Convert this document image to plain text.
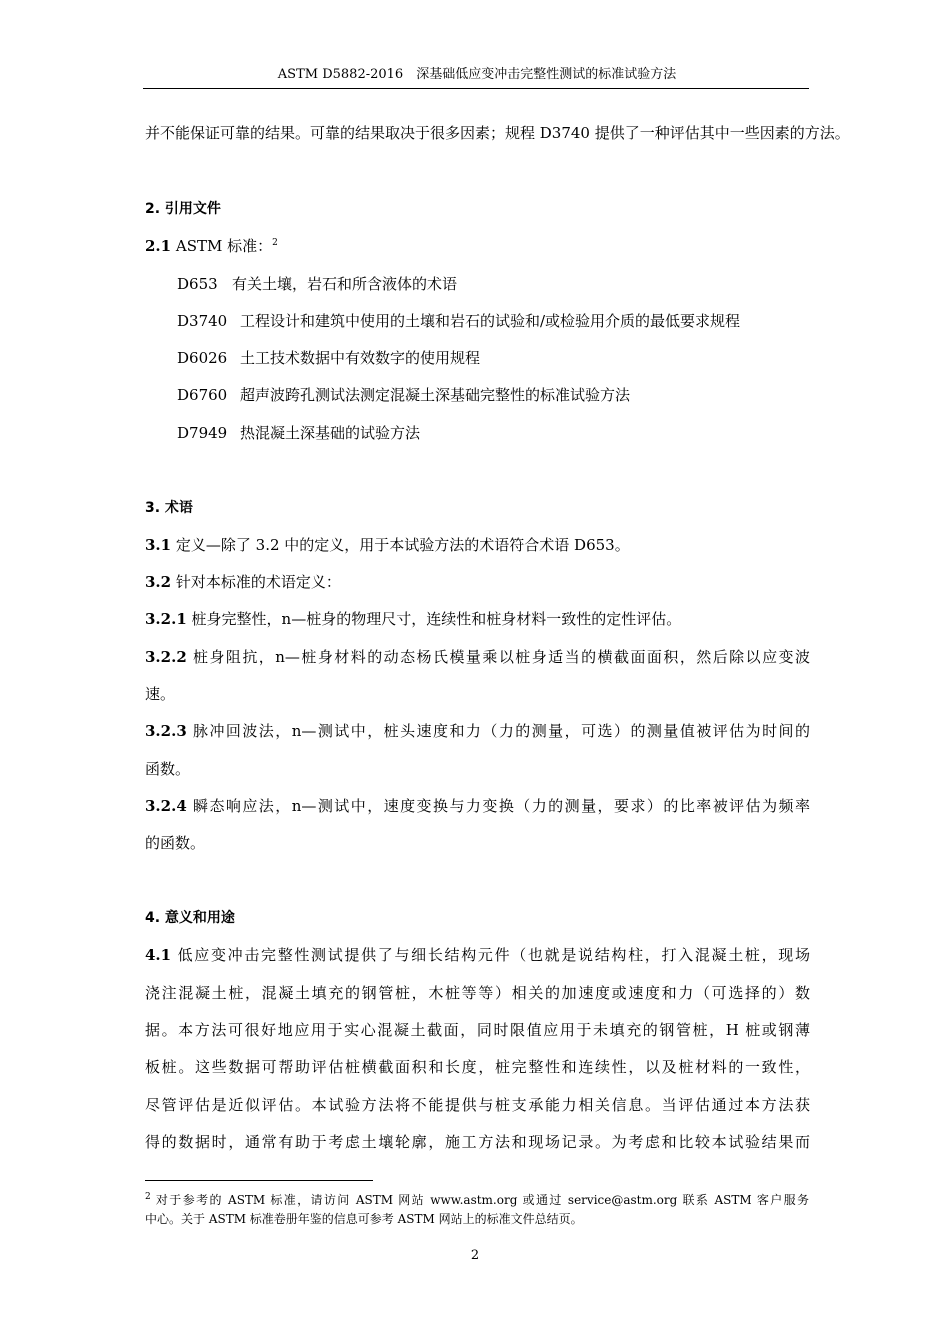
ASTM D5882-2016　深基础低应变冲击完整性测试的标准试验方法
并不能保证可靠的结果。可靠的结果取决于很多因素；规程 D3740 提供了一种评估其中一些因素的方法。
2. 引用文件
2.1 ASTM 标准：$^2$
D653 有关土壤，岩石和所含液体的术语
D3740 工程设计和建筑中使用的土壤和岩石的试验和/或检验用介质的最低要求规程
D6026 土工技术数据中有效数字的使用规程
D6760 超声波跨孔测试法测定混凝土深基础完整性的标准试验方法
D7949 热混凝土深基础的试验方法
3. 术语
3.1 定义—除了 3.2 中的定义，用于本试验方法的术语符合术语 D653。
3.2 针对本标准的术语定义：
3.2.1 桩身完整性，n—桩身的物理尺寸，连续性和桩身材料一致性的定性评估。
3.2.2 桩身阻抗，n—桩身材料的动态杨氏模量乘以桩身适当的横截面面积，然后除以应变波
速。
3.2.3 脉冲回波法，n—测试中，桩头速度和力（力的测量，可选）的测量值被评估为时间的
函数。
3.2.4 瞬态响应法，n—测试中，速度变换与力变换（力的测量，要求）的比率被评估为频率
的函数。
4. 意义和用途
4.1 低应变冲击完整性测试提供了与细长结构元件（也就是说结构柱，打入混凝土桩，现场
浇注混凝土桩，混凝土填充的钢管桩，木桩等等）相关的加速度或速度和力（可选择的）数
据。本方法可很好地应用于实心混凝土截面，同时限值应用于未填充的钢管桩，H 桩或钢薄
板桩。这些数据可帮助评估桩横截面积和长度，桩完整性和连续性，以及桩材料的一致性，
尽管评估是近似评估。本试验方法将不能提供与桩支承能力相关信息。当评估通过本方法获
得的数据时，通常有助于考虑土壤轮廓，施工方法和现场记录。为考虑和比较本试验结果而
$^2$ 对于参考的 ASTM 标准，请访问 ASTM 网站 www.astm.org 或通过 service@astm.org 联系 ASTM 客户服务
中心。关于 ASTM 标准卷册年鉴的信息可参考 ASTM 网站上的标准文件总结页。
2
